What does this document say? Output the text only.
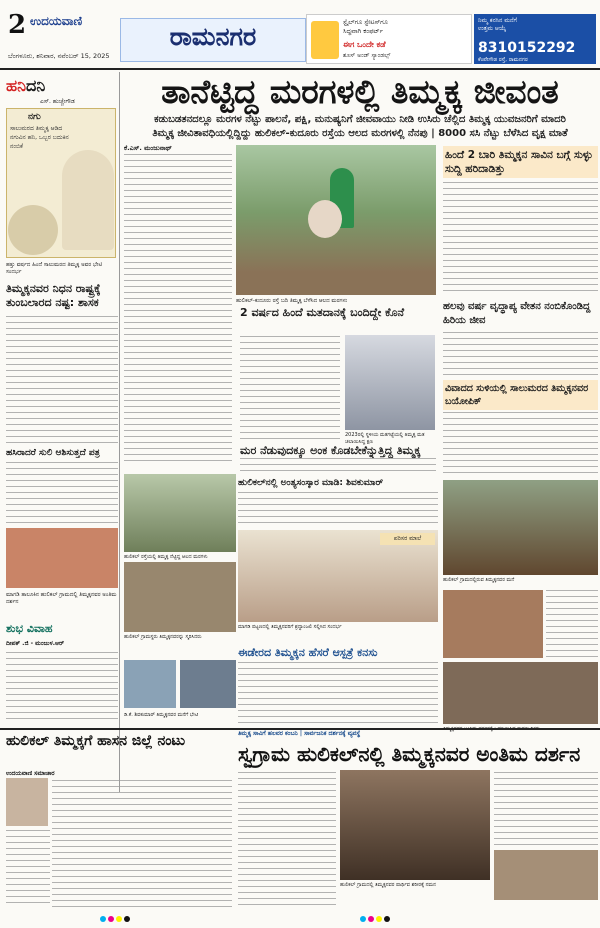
2 ಉದಯವಾಣಿ
ಬೆಂಗಳೂರು, ಶನಿವಾರ, ನವೆಂಬರ್ 15, 2025
ರಾಮನಗರ	ಸ್ಟೈಲ್‌ಗೂ ಸ್ಟೇಟಸ್‌ಗೂ
ಸಿದ್ಧವಾಗಿ ಕಂಫರ್ಟ್
ಈಗ ಒಂದೇ ಕಡೆ
ಶೂಸ್ ಅಂಡ್ ಸ್ಯಾಂಡಲ್ಸ್
ನಿಮ್ಮ ಕನಸಿನ ಮನೆಗೆ
ಉತ್ತಮ ಆಯ್ಕೆ
8310152292
ಕೆಂಪೇಗೌಡ ರಸ್ತೆ, ರಾಮನಗರ
ಹನಿದನಿ
ಎಸ್. ಹುಚ್ಚೇಗೌಡ
ನಗು
ಸಾಲುಮರದ ತಿಮ್ಮಕ್ಕ ಆಡಿದ ನಗುವಿನ ಹನಿ, ಒಬ್ಬರ ಬದುಕಿನ ನಂಬಿಕೆ
ಹತ್ತು ವರ್ಷದ ಹಿಂದೆ ಸಾಲುಮರದ ತಿಮ್ಮಕ್ಕ ಅವರ ಭೇಟಿ ಸಂದರ್ಭ
ತಿಮ್ಮಕ್ಕನವರ ನಿಧನ ರಾಷ್ಟ್ರಕ್ಕೆ ತುಂಬಲಾರದ ನಷ್ಟ: ಶಾಸಕ
ಹಸಿರಾದರೆ ಸುಲಿ ಆಶಿಸುತ್ತದೆ ಪತ್ರ
ಮಾಗಡಿ ತಾಲೂಕಿನ ಹುಲಿಕಲ್ ಗ್ರಾಮದಲ್ಲಿ ತಿಮ್ಮಕ್ಕನವರ ಅಂತಿಮ ದರ್ಶನ
ಶುಭ ವಿವಾಹ
ದೀಪಕ್ .ಜಿ - ಮಂಜುಳ.ಆರ್
ತಾನೆಟ್ಟಿದ್ದ ಮರಗಳಲ್ಲಿ ತಿಮ್ಮಕ್ಕ ಜೀವಂತ
ಕಡುಬಡತನದಲ್ಲೂ ಮರಗಳ ನೆಟ್ಟು ಪಾಲನೆ, ಪಕ್ಷಿ, ಮನುಷ್ಯನಿಗೆ ಜೀವವಾಯು ನೀಡಿ ಉಸಿರು ಚೆಲ್ಲಿದ ತಿಮ್ಮಕ್ಕ ಯುವಜನರಿಗೆ ಮಾದರಿ
ತಿಮ್ಮಕ್ಕ ಜೀವಿತಾವಧಿಯಲ್ಲಿದ್ದಿದ್ದು ಹುಲಿಕಲ್-ಕುದೂರು ರಸ್ತೆಯ ಆಲದ ಮರಗಳಲ್ಲಿ ನೆನಪು | 8000 ಸಸಿ ನೆಟ್ಟು ಬೆಳೆಸಿದ ವೃಕ್ಷ ಮಾತೆ
ಕೆ.ಎಸ್. ಮಂಜುನಾಥ್
ಹುಲಿಕಲ್-ಕುದೂರು ರಸ್ತೆ ಬದಿ ತಿಮ್ಮಕ್ಕ ಬೆಳೆಸಿದ ಆಲದ ಮರಗಳು
2 ವರ್ಷದ ಹಿಂದೆ ಮತದಾನಕ್ಕೆ ಬಂದಿದ್ದೇ ಕೊನೆ
2023ರಲ್ಲಿ ಸ್ಥಳೀಯ ಮತಗಟ್ಟೆಯಲ್ಲಿ ತಿಮ್ಮಕ್ಕ ಮತ ಚಲಾಯಿಸಿದ್ದ ಕ್ಷಣ
ಮರ ನೆಡುವುದಕ್ಕೂ ಅಂಕ ಕೊಡಬೇಕೆನ್ನುತ್ತಿದ್ದ ತಿಮ್ಮಕ್ಕ
ಹುಲಿಕಲ್ ರಸ್ತೆಯಲ್ಲಿ ತಿಮ್ಮಕ್ಕ ನೆಟ್ಟಿದ್ದ ಆಲದ ಮರಗಳು
ಹುಲಿಕಲ್ ಗ್ರಾಮಸ್ಥರು ತಿಮ್ಮಕ್ಕನವರನ್ನು ಸ್ಮರಿಸಿದರು
ಹುಲಿಕಲ್‌ನಲ್ಲಿ ಅಂತ್ಯಸಂಸ್ಕಾರ ಮಾಡಿ: ಶಿವಕುಮಾರ್
ಪರಿಸರ ಮಾಲೆ
ಮಾಗಡಿ ಪಟ್ಟಣದಲ್ಲಿ ತಿಮ್ಮಕ್ಕನವರಿಗೆ ಶ್ರದ್ಧಾಂಜಲಿ ಸಲ್ಲಿಸಿದ ಸಂದರ್ಭ
ಈಡೇರದ ತಿಮ್ಮಕ್ಕನ ಹೆಸರೆ ಆಸ್ಪತ್ರೆ ಕನಸು
ಡಿ.ಕೆ. ಶಿವಕುಮಾರ್ ತಿಮ್ಮಕ್ಕನವರ ಮನೆಗೆ ಭೇಟಿ
ಹಿಂದೆ 2 ಬಾರಿ ತಿಮ್ಮಕ್ಕನ ಸಾವಿನ ಬಗ್ಗೆ ಸುಳ್ಳು ಸುದ್ದಿ ಹರಿದಾಡಿತ್ತು
ಹಲವು ವರ್ಷ ವೃದ್ಧಾಪ್ಯ ವೇತನ ನಂಬಿಕೊಂಡಿದ್ದ ಹಿರಿಯ ಜೀವ
ವಿವಾದದ ಸುಳಿಯಲ್ಲಿ ಸಾಲುಮರದ ತಿಮ್ಮಕ್ಕನವರ ಬಯೋಪಿಕ್
ಹುಲಿಕಲ್ ಗ್ರಾಮದಲ್ಲಿರುವ ತಿಮ್ಮಕ್ಕನವರ ಮನೆ
ಹುಲಿಕಲ್ ತಿಮ್ಮಕ್ಕಗೆ ಹಾಸನ ಜಿಲ್ಲೆ ನಂಟು
ಉದಯವಾಣಿ ಸಮಾಚಾರ
ತಿಮ್ಮಕ್ಕ ಸಾವಿಗೆ ಹಲವರ ಕಂಬನಿ | ಸಾರ್ವಜನಿಕ ದರ್ಶನಕ್ಕೆ ವ್ಯವಸ್ಥೆ
ಸ್ವಗ್ರಾಮ ಹುಲಿಕಲ್‌ನಲ್ಲಿ ತಿಮ್ಮಕ್ಕನವರ ಅಂತಿಮ ದರ್ಶನ
ಹುಲಿಕಲ್ ಗ್ರಾಮದಲ್ಲಿ ತಿಮ್ಮಕ್ಕನವರ ಪಾರ್ಥಿವ ಶರೀರಕ್ಕೆ ನಮನ
